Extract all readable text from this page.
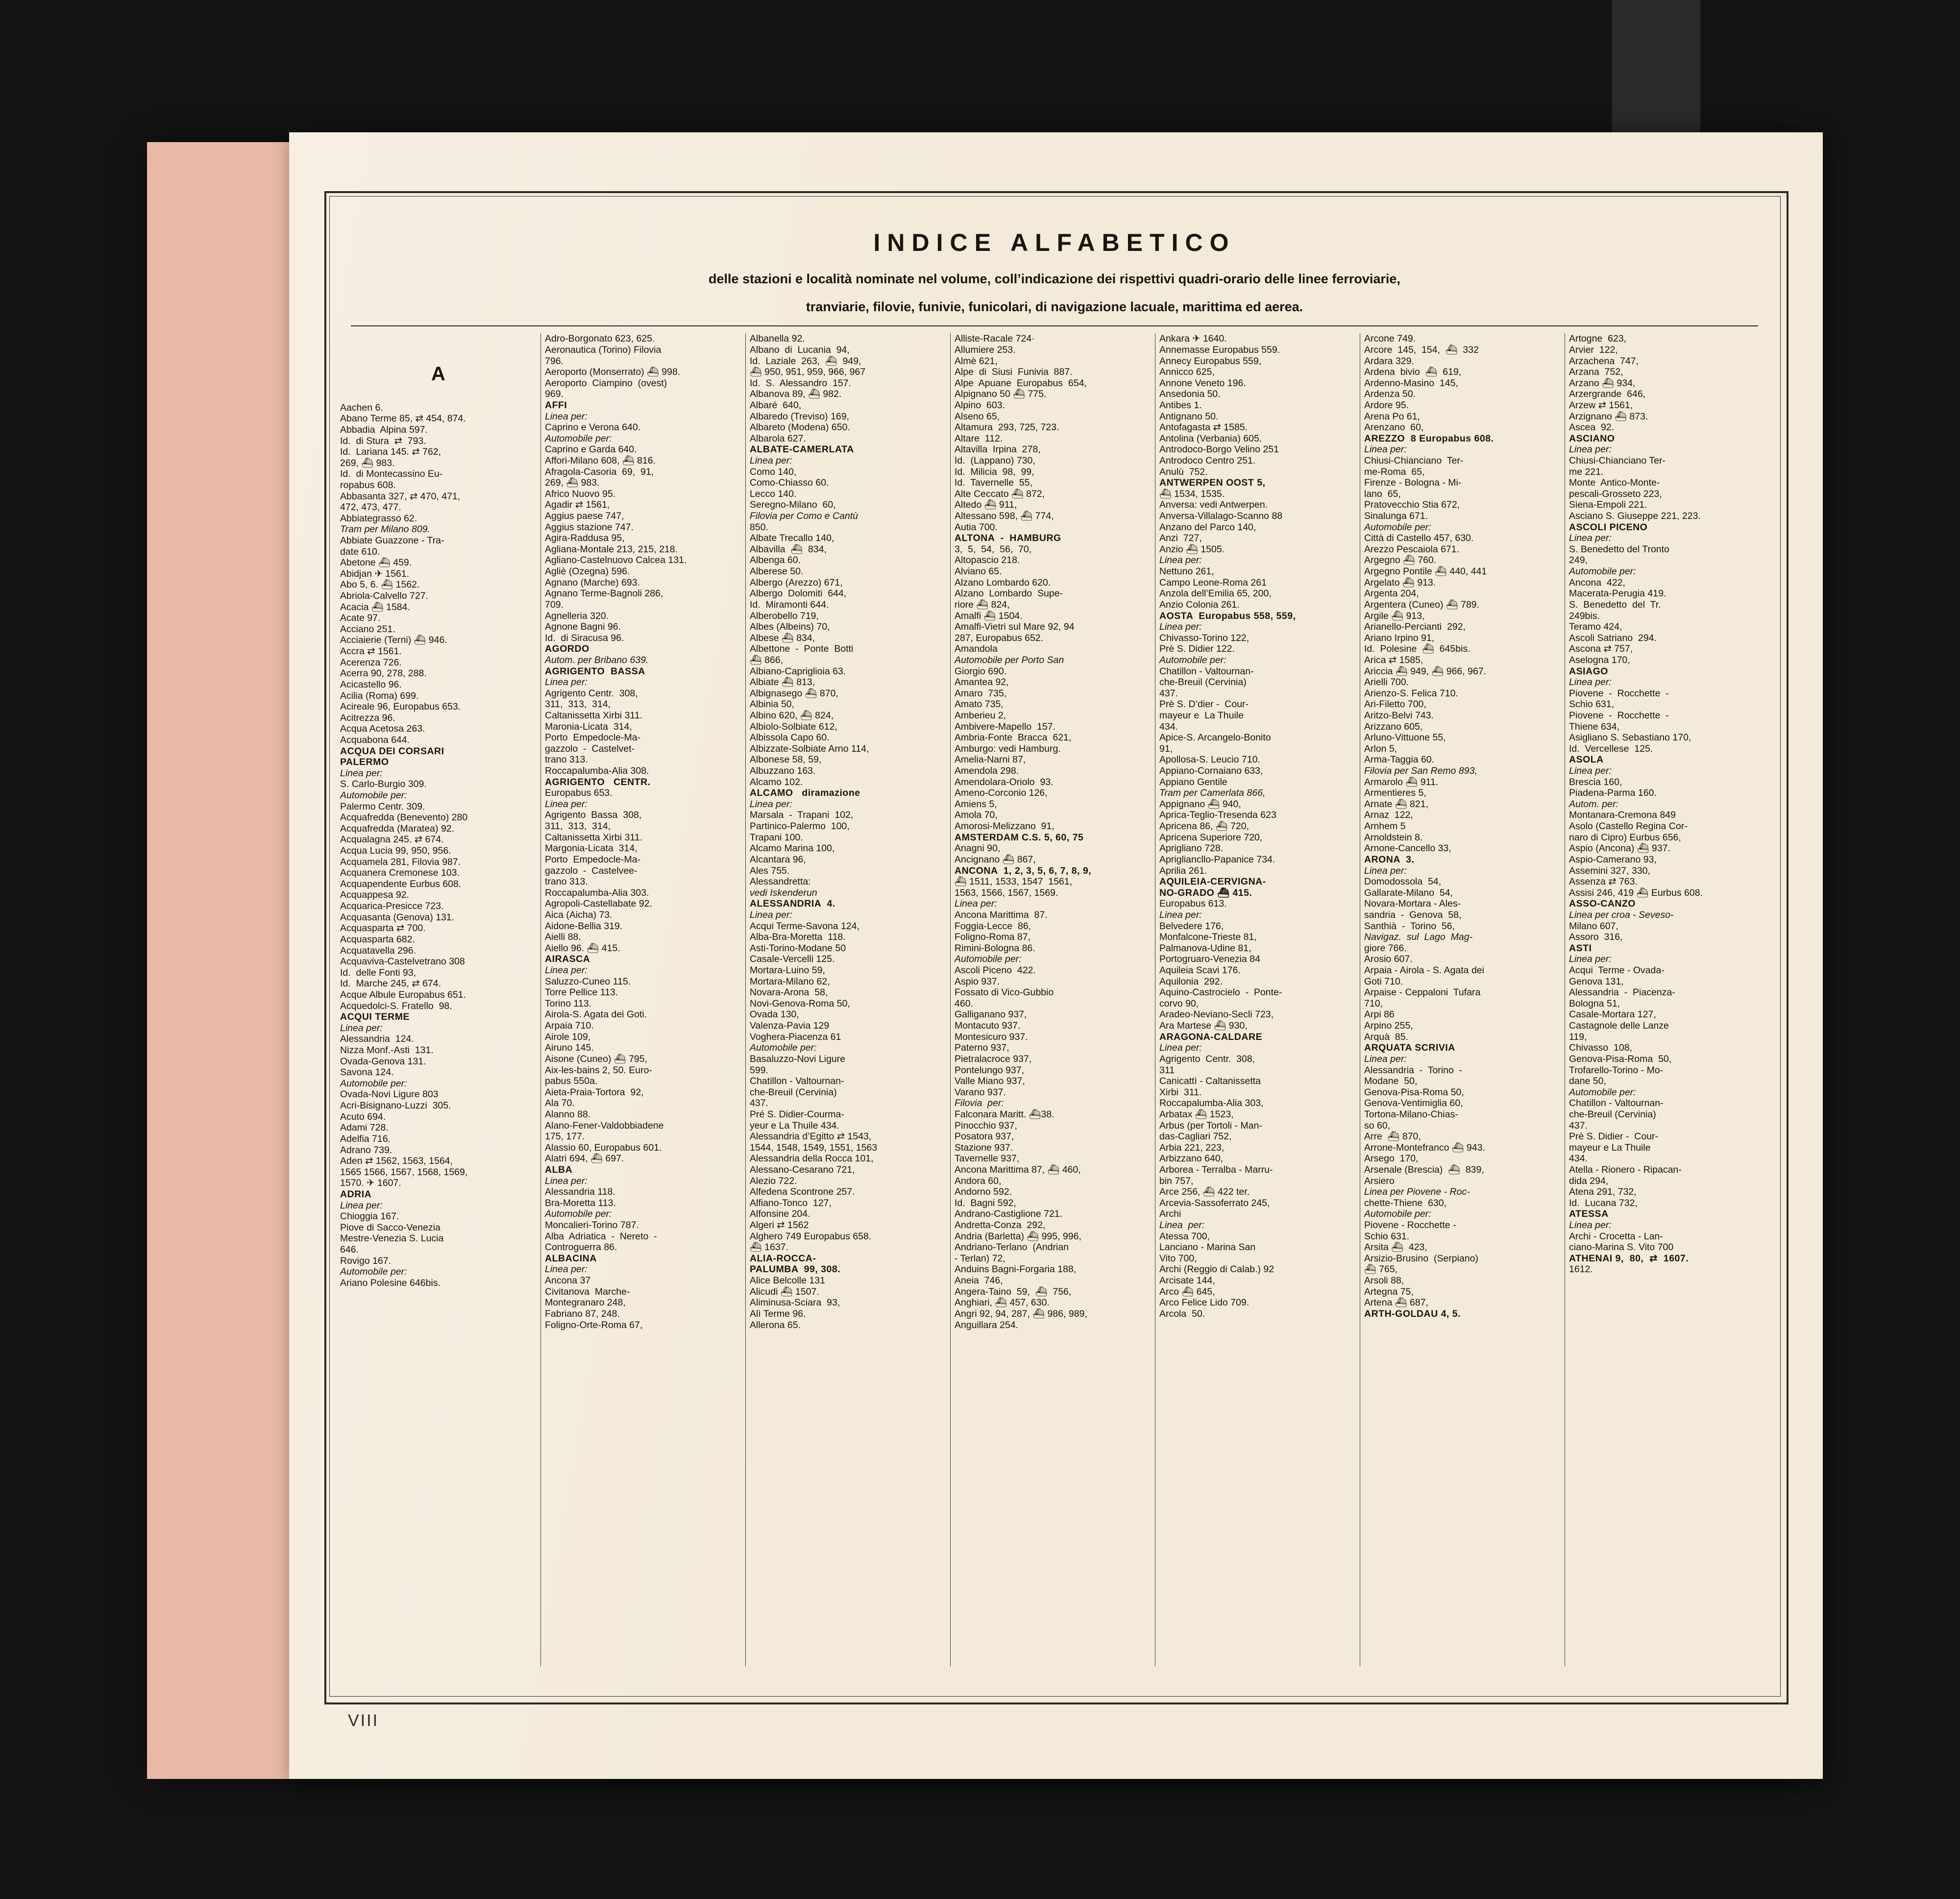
INDICE ALFABETICO
delle stazioni e località nominate nel volume, coll’indicazione dei rispettivi quadri-orario delle linee ferroviarie,
tranviarie, filovie, funivie, funicolari, di navigazione lacuale, marittima ed aerea.
A
Aachen 6.
Abano Terme 85, ⇄ 454, 874.
Abbadia  Alpina 597.
Id.  di Stura  ⇄  793.
Id.  Lariana 145. ⇄ 762,
269, ⛴ 983.
Id.  di Montecassino Eu-
ropabus 608.
Abbasanta 327, ⇄ 470, 471,
472, 473, 477.
Abbiategrasso 62.
Tram per Milano 809.
Abbiate Guazzone - Tra-
date 610.
Abetone ⛴ 459.
Abidjan ✈ 1561.
Abo 5, 6. ⛴ 1562.
Abriola-Calvello 727.
Acacia ⛴ 1584.
Acate 97.
Acciano 251.
Acciaierie (Terni) ⛴ 946.
Accra ⇄ 1561.
Acerenza 726.
Acerra 90, 278, 288.
Acicastello 96.
Acilia (Roma) 699.
Acireale 96, Europabus 653.
Acitrezza 96.
Acqua Acetosa 263.
Acquabona 644.
ACQUA DEI CORSARI
PALERMO
Linea per:
S. Carlo-Burgio 309.
Automobile per:
Palermo Centr. 309.
Acquafredda (Benevento) 280
Acquafredda (Maratea) 92.
Acqualagna 245. ⇄ 674.
Acqua Lucia 99, 950, 956.
Acquamela 281, Filovia 987.
Acquanera Cremonese 103.
Acquapendente Eurbus 608.
Acquappesa 92.
Acquarica-Presicce 723.
Acquasanta (Genova) 131.
Acquasparta ⇄ 700.
Acquasparta 682.
Acquatavella 296.
Acquaviva-Castelvetrano 308
Id.  delle Fonti 93,
Id.  Marche 245, ⇄ 674.
Acque Albule Europabus 651.
Acquedolci-S. Fratello  98.
ACQUI TERME
Linea per:
Alessandria  124.
Nizza Monf.-Asti  131.
Ovada-Genova 131.
Savona 124.
Automobile per:
Ovada-Novi Ligure 803
Acri-Bisignano-Luzzi  305.
Acuto 694.
Adami 728.
Adelfia 716.
Adrano 739.
Aden ⇄ 1562, 1563, 1564,
1565 1566, 1567, 1568, 1569,
1570. ✈ 1607.
ADRIA
Linea per:
Chioggia 167.
Piove di Sacco-Venezia
Mestre-Venezia S. Lucia
646.
Rovigo 167.
Automobile per:
Ariano Polesine 646bis.
Adro-Borgonato 623, 625.
Aeronautica (Torino) Filovia
796.
Aeroporto (Monserrato) ⛴ 998.
Aeroporto  Ciampino  (ovest)
969.
AFFI
Linea per:
Caprino e Verona 640.
Automobile per:
Caprino e Garda 640.
Affori-Milano 608, ⛴ 816.
Afragola-Casoria  69,  91,
269, ⛴ 983.
Africo Nuovo 95.
Agadir ⇄ 1561,
Aggius paese 747,
Aggius stazione 747.
Agira-Raddusa 95,
Agliana-Montale 213, 215, 218.
Agliano-Castelnuovo Calcea 131.
Agliè (Ozegna) 596.
Agnano (Marche) 693.
Agnano Terme-Bagnoli 286,
709.
Agnelleria 320.
Agnone Bagni 96.
Id.  di Siracusa 96.
AGORDO
Autom. per Bribano 639.
AGRIGENTO  BASSA
Linea per:
Agrigento Centr.  308,
311,  313,  314,
Caltanissetta Xirbi 311.
Maronia-Licata  314,
Porto  Empedocle-Ma-
gazzolo  -  Castelvet-
trano 313.
Roccapalumba-Alia 308.
AGRIGENTO   CENTR.
Europabus 653.
Linea per:
Agrigento  Bassa  308,
311,  313,  314,
Caltanissetta Xirbi 311.
Margonia-Licata  314,
Porto  Empedocle-Ma-
gazzolo  -  Castelvee-
trano 313.
Roccapalumba-Alia 303.
Agropoli-Castellabate 92.
Aica (Aicha) 73.
Aidone-Bellia 319.
Aielli 88.
Aiello 96. ⛴ 415.
AIRASCA
Linea per:
Saluzzo-Cuneo 115.
Torre Pellice 113.
Torino 113.
Airola-S. Agata dei Goti.
Arpaia 710.
Airole 109,
Airuno 145.
Aisone (Cuneo) ⛴ 795,
Aix-les-bains 2, 50. Euro-
pabus 550a.
Aieta-Praia-Tortora  92,
Ala 70.
Alanno 88.
Alano-Fener-Valdobbiadene
175, 177.
Alassio 60, Europabus 601.
Alatri 694, ⛴ 697.
ALBA
Linea per:
Alessandria 118.
Bra-Moretta 113.
Automobile per:
Moncalieri-Torino 787.
Alba  Adriatica  -  Nereto  -
Controguerra 86.
ALBACINA
Linea per:
Ancona 37
Civitanova  Marche-
Montegranaro 248,
Fabriano 87, 248.
Foligno-Orte-Roma 67,
Albanella 92.
Albano  di  Lucania  94,
Id.  Laziale  263,  ⛴  949,
⛴ 950, 951, 959, 966, 967
Id.  S.  Alessandro  157.
Albanova 89, ⛴ 982.
Albaré  640,
Albaredo (Treviso) 169,
Albareto (Modena) 650.
Albarola 627.
ALBATE-CAMERLATA
Linea per:
Como 140,
Como-Chiasso 60.
Lecco 140.
Seregno-Milano  60,
Filovia per Como e Cantù
850.
Albate Trecallo 140,
Albavilla  ⛴  834,
Albenga 60.
Alberese 50.
Albergo (Arezzo) 671,
Albergo  Dolomiti  644,
Id.  Miramonti 644.
Alberobello 719,
Albes (Albeins) 70,
Albese ⛴ 834,
Albettone  -  Ponte  Botti
⛴ 866,
Albiano-Capriglioia 63.
Albiate ⛴ 813,
Albignasego ⛴ 870,
Albinia 50,
Albino 620, ⛴ 824,
Albiolo-Solbiate 612,
Albissola Capo 60.
Albizzate-Solbiate Arno 114,
Albonese 58, 59,
Albuzzano 163.
Alcamo 102.
ALCAMO   diramazione
Linea per:
Marsala  -  Trapani  102,
Partinico-Palermo  100,
Trapani 100.
Alcamo Marina 100,
Alcantara 96,
Ales 755.
Alessandretta:
vedi Iskenderun
ALESSANDRIA  4.
Linea per:
Acqui Terme-Savona 124,
Alba-Bra-Moretta  118.
Asti-Torino-Modane 50
Casale-Vercelli 125.
Mortara-Luino 59,
Mortara-Milano 62,
Novara-Arona  58,
Novi-Genova-Roma 50,
Ovada 130,
Valenza-Pavia 129
Voghera-Piacenza 61
Automobile per:
Basaluzzo-Novi Ligure
599.
Chatillon - Valtournan-
che-Breuil (Cervinia)
437.
Pré S. Didier-Courma-
yeur e La Thuile 434.
Alessandria d’Egitto ⇄ 1543,
1544, 1548, 1549, 1551, 1563
Alessandria della Rocca 101,
Alessano-Cesarano 721,
Alezio 722.
Alfedena Scontrone 257.
Alfiano-Tonco  127,
Alfonsine 204.
Algeri ⇄ 1562
Alghero 749 Europabus 658.
⛴ 1637.
ALIA-ROCCA-
PALUMBA  99, 308.
Alice Belcolle 131
Alicudi ⛴ 1507.
Aliminusa-Sciara  93,
Alì Terme 96.
Allerona 65.
Alliste-Racale 724·
Allumiere 253.
Almè 621,
Alpe  di  Siusi  Funivia  887.
Alpe  Apuane  Europabus  654,
Alpignano 50 ⛴ 775.
Alpino  603.
Alseno 65,
Altamura  293, 725, 723.
Altare  112.
Altavilla  Irpina  278,
Id.  (Lappano) 730,
Id.  Milicia  98,  99,
Id.  Tavernelle  55,
Alte Ceccato ⛴ 872,
Altedo ⛴ 911,
Altessano 598, ⛴ 774,
Autia 700.
ALTONA  -  HAMBURG
3,  5,  54,  56,  70,
Altopascio 218.
Alviano 65.
Alzano Lombardo 620.
Alzano  Lombardo  Supe-
riore ⛴ 824,
Amalfi ⛴ 1504.
Amalfi-Vietri sul Mare 92, 94
287, Europabus 652.
Amandola
Automobile per Porto San
Giorgio 690.
Amantea 92,
Amaro  735,
Amato 735,
Amberieu 2,
Ambivere-Mapello  157.
Ambria-Fonte  Bracca  621,
Amburgo: vedi Hamburg.
Amelia-Narni 87,
Amendola 298.
Amendolara-Oriolo  93.
Ameno-Corconio 126,
Amiens 5,
Amola 70,
Amorosi-Melizzano  91,
AMSTERDAM C.S. 5, 60, 75
Anagni 90,
Ancignano ⛴ 867,
ANCONA  1, 2, 3, 5, 6, 7, 8, 9,
⛴ 1511, 1533, 1547  1561,
1563, 1566, 1567, 1569.
Linea per:
Ancona Marittima  87.
Foggia-Lecce  86,
Foligno-Roma 87,
Rimini-Bologna 86.
Automobile per:
Ascoli Piceno  422.
Aspio 937.
Fossato di Vico-Gubbio
460.
Galliganano 937,
Montacuto 937.
Montesicuro 937.
Paterno 937,
Pietralacroce 937,
Pontelungo 937,
Valle Miano 937,
Varano 937.
Filovia  per:
Falconara Maritt. ⛴38.
Pinocchio 937,
Posatora 937,
Stazione 937.
Tavernelle 937,
Ancona Marittima 87, ⛴ 460,
Andora 60,
Andorno 592.
Id.  Bagni 592,
Andrano-Castiglione 721.
Andretta-Conza  292,
Andria (Barletta) ⛴ 995, 996,
Andriano-Terlano  (Andrian
- Terlan) 72,
Anduins Bagni-Forgaria 188,
Aneia  746,
Angera-Taino  59,  ⛴  756,
Anghiari, ⛴ 457, 630.
Angri 92, 94, 287, ⛴ 986, 989,
Anguillara 254.
Ankara ✈ 1640.
Annemasse Europabus 559.
Annecy Europabus 559,
Annicco 625,
Annone Veneto 196.
Ansedonia 50.
Antibes 1.
Antignano 50.
Antofagasta ⇄ 1585.
Antolina (Verbania) 605.
Antrodoco-Borgo Velino 251
Antrodoco Centro 251.
Anulù  752.
ANTWERPEN OOST 5,
⛴ 1534, 1535.
Anversa: vedi Antwerpen.
Anversa-Villalago-Scanno 88
Anzano del Parco 140,
Anzi  727,
Anzio ⛴ 1505.
Linea per:
Nettuno 261,
Campo Leone-Roma 261
Anzola dell’Emilia 65, 200,
Anzio Colonia 261.
AOSTA  Europabus 558, 559,
Linea per:
Chivasso-Torino 122,
Prè S. Didier 122.
Automobile per:
Chatillon - Valtournan-
che-Breuil (Cervinia)
437.
Prè S. D’dier -  Cour-
mayeur e  La Thuile
434.
Apice-S. Arcangelo-Bonito
91,
Apollosa-S. Leucio 710.
Appiano-Cornaiano 633,
Appiano Gentile
Tram per Camerlata 866,
Appignano ⛴ 940,
Aprica-Teglio-Tresenda 623
Apricena 86, ⛴ 720,
Apricena Superiore 720,
Aprigliano 728.
Aprigliancllo-Papanice 734.
Aprilia 261.
AQUILEIA-CERVIGNA-
NO-GRADO ⛴ 415.
Europabus 613.
Linea per:
Belvedere 176,
Monfalcone-Trieste 81,
Palmanova-Udine 81,
Portogruaro-Venezia 84
Aquileia Scavi 176.
Aquilonia  292.
Aquino-Castrocielo  -  Ponte-
corvo 90,
Aradeo-Neviano-Secli 723,
Ara Martese ⛴ 930,
ARAGONA-CALDARE
Linea per:
Agrigento  Centr.  308,
311
Canicattì - Caltanissetta
Xirbi  311.
Roccapalumba-Alia 303,
Arbatax ⛴ 1523,
Arbus (per Tortoli - Man-
das-Cagliari 752,
Arbia 221, 223,
Arbizzano 640,
Arborea - Terralba - Marru-
bin 757,
Arce 256, ⛴ 422 ter.
Arcevia-Sassoferrato 245,
Archi
Linea  per:
Atessa 700,
Lanciano - Marina San
Vito 700,
Archi (Reggio di Calab.) 92
Arcisate 144,
Arco ⛴ 645,
Arco Felice Lido 709.
Arcola  50.
Arcone 749.
Arcore  145,  154,  ⛴  332
Ardara 329.
Ardena  bivio  ⛴  619,
Ardenno-Masino  145,
Ardenza 50.
Ardore 95.
Arena Po 61,
Arenzano  60,
AREZZO  8 Europabus 608.
Linea per:
Chiusi-Chianciano  Ter-
me-Roma  65,
Firenze - Bologna - Mi-
lano  65,
Pratovecchio Stia 672,
Sinalunga 671.
Automobile per:
Città di Castello 457, 630.
Arezzo Pescaiola 671.
Argegno ⛴ 760.
Argegno Pontile ⛴ 440, 441
Argelato ⛴ 913.
Argenta 204,
Argentera (Cuneo) ⛴ 789.
Argile ⛴ 913,
Arianello-Percianti  292,
Ariano Irpino 91,
Id.  Polesine  ⛴  645bis.
Arica ⇄ 1585,
Ariccia ⛴ 949, ⛴ 966, 967.
Arielli 700.
Arienzo-S. Felica 710.
Ari-Filetto 700,
Aritzo-Belvi 743.
Arizzano 605,
Arluno-Vittuone 55,
Arlon 5,
Arma-Taggia 60.
Filovia per San Remo 893,
Armarolo ⛴ 911.
Armentieres 5,
Arnate ⛴ 821,
Arnaz  122,
Arnhem 5
Arnoldstein 8.
Arnone-Cancello 33,
ARONA  3.
Linea per:
Domodossola  54,
Gallarate-Milano  54,
Novara-Mortara - Ales-
sandria  -  Genova  58,
Santhià  -  Torino  56,
Navigaz.  sul  Lago  Mag-
giore 766.
Arosio 607.
Arpaia - Airola - S. Agata dei
Goti 710.
Arpaise - Ceppaloni  Tufara
710,
Arpi 86
Arpino 255,
Arquà  85.
ARQUATA SCRIVIA
Linea per:
Alessandria  -  Torino  -
Modane  50,
Genova-Pisa-Roma 50,
Genova-Ventimiglia 60,
Tortona-Milano-Chias-
so 60,
Arre  ⛴ 870,
Arrone-Montefranco ⛴ 943.
Arsego  170,
Arsenale (Brescia)  ⛴  839,
Arsiero
Linea per Piovene - Roc-
chette-Thiene  630,
Automobile per:
Piovene - Rocchette -
Schio 631.
Arsita ⛴  423,
Arsizio-Brusino  (Serpiano)
⛴ 765,
Arsoli 88,
Artegna 75,
Artena ⛴ 687,
ARTH-GOLDAU 4, 5.
Artogne  623,
Arvier  122,
Arzachena  747,
Arzana  752,
Arzano ⛴ 934,
Arzergrande  646,
Arzew ⇄ 1561,
Arzignano ⛴ 873.
Ascea  92.
ASCIANO
Linea per:
Chiusi-Chianciano Ter-
me 221.
Monte  Antico-Monte-
pescali-Grosseto 223,
Siena-Empoli 221.
Asciano S. Giuseppe 221, 223.
ASCOLI PICENO
Linea per:
S. Benedetto del Tronto
249,
Automobile per:
Ancona  422,
Macerata-Perugia 419.
S.  Benedetto  del  Tr.
249bis.
Teramo 424,
Ascoli Satriano  294.
Ascona ⇄ 757,
Aselogna 170,
ASIAGO
Linea per:
Piovene  -  Rocchette  -
Schio 631,
Piovene  -  Rocchette  -
Thiene 634,
Asigliano S. Sebastiano 170,
Id.  Vercellese  125.
ASOLA
Linea per:
Brescia 160,
Piadena-Parma 160.
Autom. per:
Montanara-Cremona 849
Asolo (Castello Regina Cor-
naro di Cipro) Eurbus 656,
Aspio (Ancona) ⛴ 937.
Aspio-Camerano 93,
Assemini 327, 330,
Assenza ⇄ 763.
Assisi 246, 419 ⛴ Eurbus 608.
ASSO-CANZO
Linea per croa - Seveso-
Milano 607,
Assoro  316,
ASTI
Linea per:
Acqui  Terme - Ovada-
Genova 131,
Alessandria  -  Piacenza-
Bologna 51,
Casale-Mortara 127,
Castagnole delle Lanze
119,
Chivasso  108,
Genova-Pisa-Roma  50,
Trofarello-Torino - Mo-
dane 50,
Automobile per:
Chatillon - Valtournan-
che-Breuil (Cervinia)
437.
Prè S. Didier -  Cour-
mayeur e La Thuile
434.
Atella - Rionero - Ripacan-
dida 294,
Atena 291, 732,
Id.  Lucana 732,
ATESSA
Linea per:
Archi - Crocetta - Lan-
ciano-Marina S. Vito 700
ATHENAI 9,  80,  ⇄  1607.
1612.
VIII
